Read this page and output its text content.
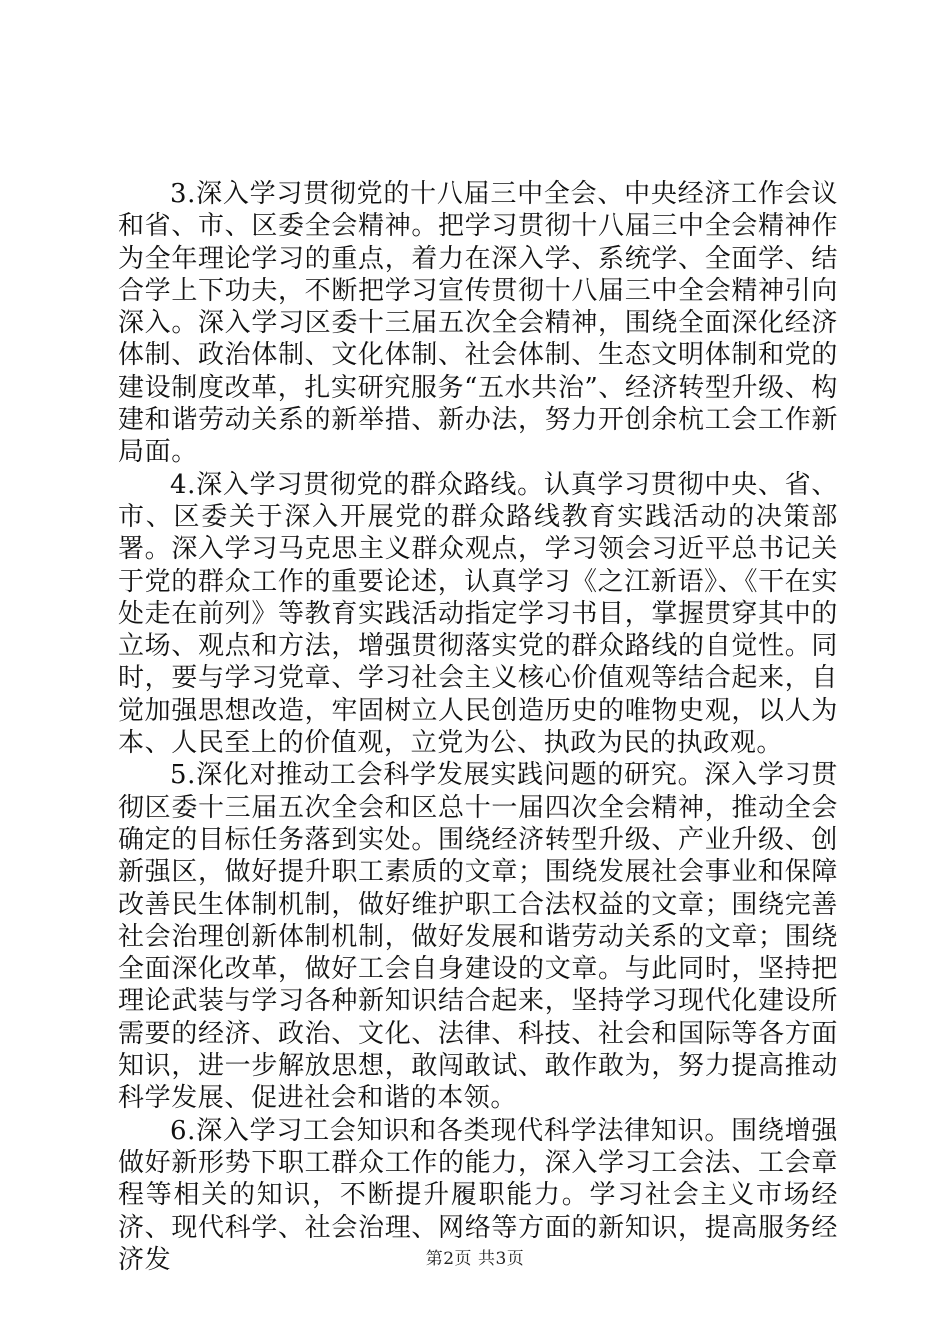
3.深入学习贯彻党的十八届三中全会、中央经济工作会议和省、市、区委全会精神。把学习贯彻十八届三中全会精神作为全年理论学习的重点，着力在深入学、系统学、全面学、结合学上下功夫，不断把学习宣传贯彻十八届三中全会精神引向深入。深入学习区委十三届五次全会精神，围绕全面深化经济体制、政治体制、文化体制、社会体制、生态文明体制和党的建设制度改革，扎实研究服务“五水共治”、经济转型升级、构建和谐劳动关系的新举措、新办法，努力开创余杭工会工作新局面。

4.深入学习贯彻党的群众路线。认真学习贯彻中央、省、市、区委关于深入开展党的群众路线教育实践活动的决策部署。深入学习马克思主义群众观点，学习领会习近平总书记关于党的群众工作的重要论述，认真学习《之江新语》、《干在实处走在前列》等教育实践活动指定学习书目，掌握贯穿其中的立场、观点和方法，增强贯彻落实党的群众路线的自觉性。同时，要与学习党章、学习社会主义核心价值观等结合起来，自觉加强思想改造，牢固树立人民创造历史的唯物史观，以人为本、人民至上的价值观，立党为公、执政为民的执政观。

5.深化对推动工会科学发展实践问题的研究。深入学习贯彻区委十三届五次全会和区总十一届四次全会精神，推动全会确定的目标任务落到实处。围绕经济转型升级、产业升级、创新强区，做好提升职工素质的文章；围绕发展社会事业和保障改善民生体制机制，做好维护职工合法权益的文章；围绕完善社会治理创新体制机制，做好发展和谐劳动关系的文章；围绕全面深化改革，做好工会自身建设的文章。与此同时，坚持把理论武装与学习各种新知识结合起来，坚持学习现代化建设所需要的经济、政治、文化、法律、科技、社会和国际等各方面知识，进一步解放思想，敢闯敢试、敢作敢为，努力提高推动科学发展、促进社会和谐的本领。

6.深入学习工会知识和各类现代科学法律知识。围绕增强做好新形势下职工群众工作的能力，深入学习工会法、工会章程等相关的知识，不断提升履职能力。学习社会主义市场经济、现代科学、社会治理、网络等方面的新知识，提高服务经济发	第2页 共3页
